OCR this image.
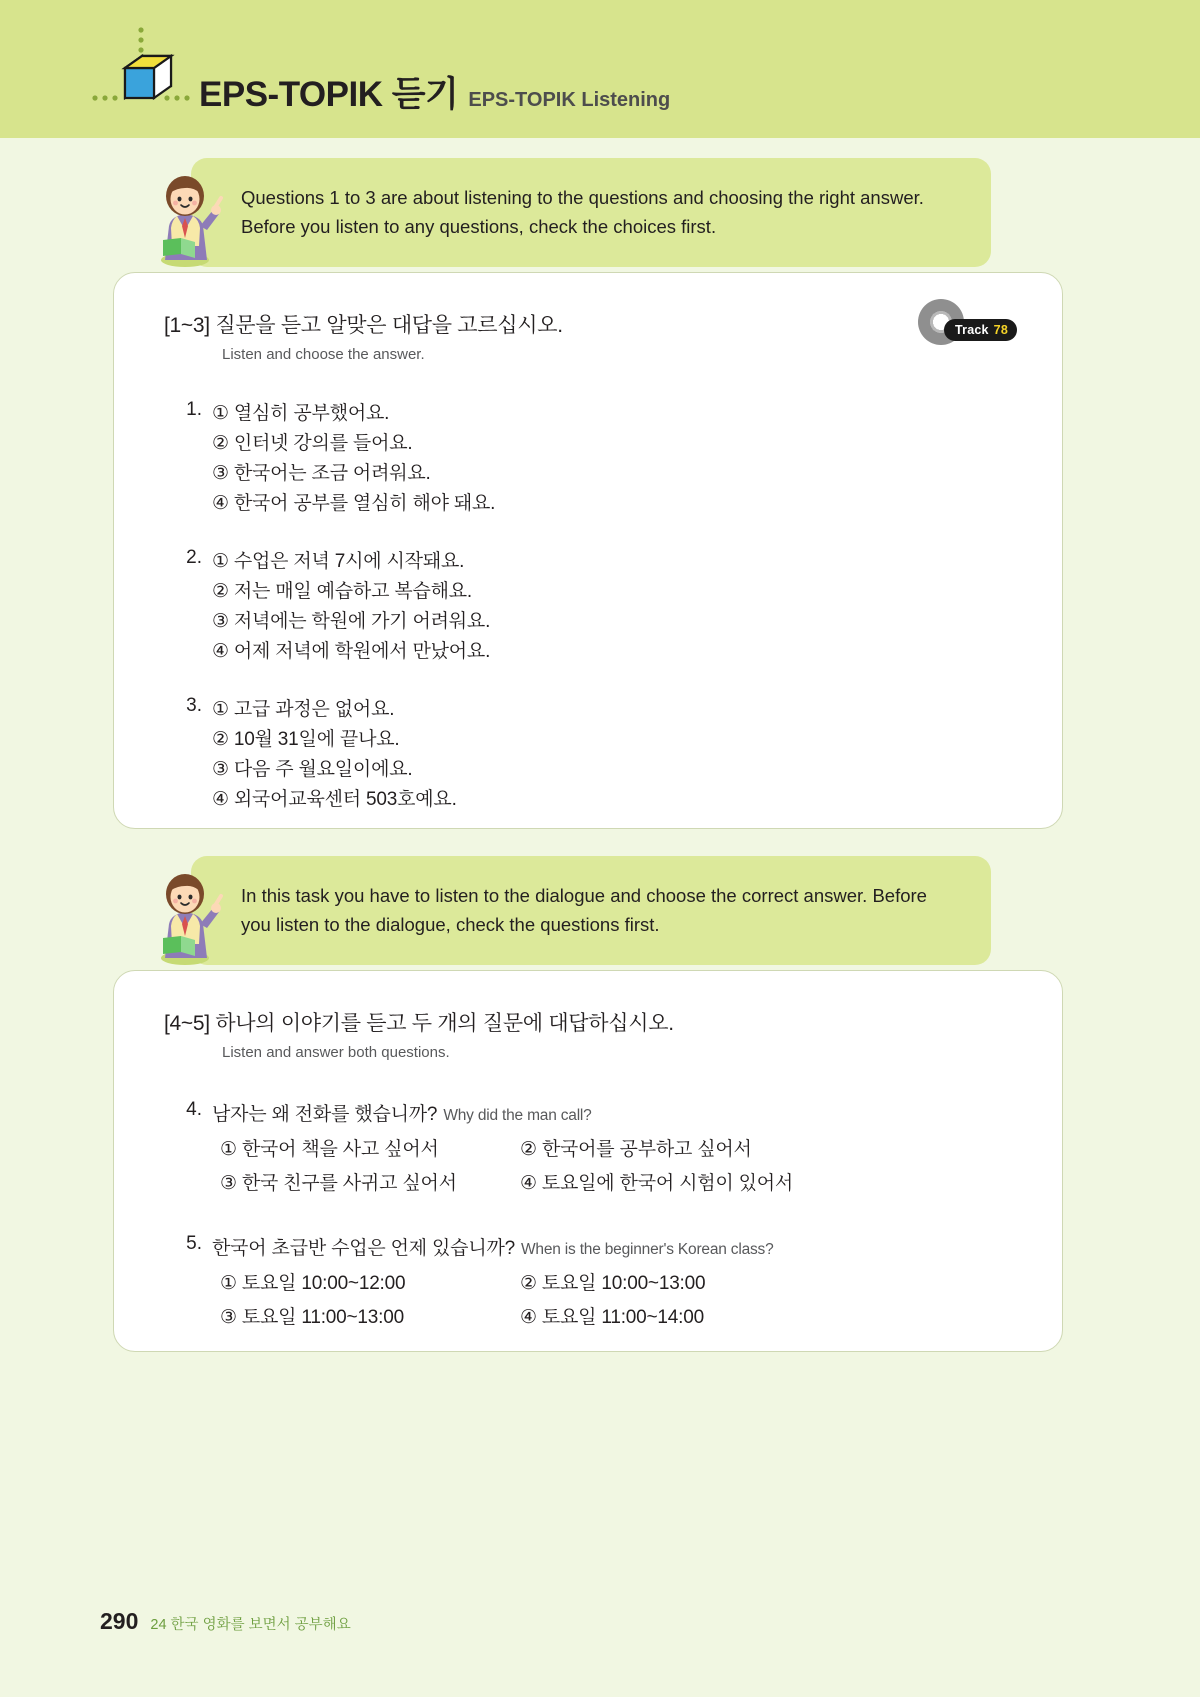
EPS-TOPIK 듣기 EPS-TOPIK Listening

Questions 1 to 3 are about listening to the questions and choosing the right answer. Before you listen to any questions, check the choices first.

Track 78
[1~3] 질문을 듣고 알맞은 대답을 고르십시오.
Listen and choose the answer.
1. ① 열심히 공부했어요.
② 인터넷 강의를 들어요.
③ 한국어는 조금 어려워요.
④ 한국어 공부를 열심히 해야 돼요.
2. ① 수업은 저녁 7시에 시작돼요.
② 저는 매일 예습하고 복습해요.
③ 저녁에는 학원에 가기 어려워요.
④ 어제 저녁에 학원에서 만났어요.
3. ① 고급 과정은 없어요.
② 10월 31일에 끝나요.
③ 다음 주 월요일이에요.
④ 외국어교육센터 503호예요.

In this task you have to listen to the dialogue and choose the correct answer. Before you listen to the dialogue, check the questions first.

[4~5] 하나의 이야기를 듣고 두 개의 질문에 대답하십시오.
Listen and answer both questions.
4. 남자는 왜 전화를 했습니까? Why did the man call?
① 한국어 책을 사고 싶어서	② 한국어를 공부하고 싶어서
③ 한국 친구를 사귀고 싶어서	④ 토요일에 한국어 시험이 있어서
5. 한국어 초급반 수업은 언제 있습니까? When is the beginner's Korean class?
① 토요일 10:00~12:00	② 토요일 10:00~13:00
③ 토요일 11:00~13:00	④ 토요일 11:00~14:00
290 24 한국 영화를 보면서 공부해요
